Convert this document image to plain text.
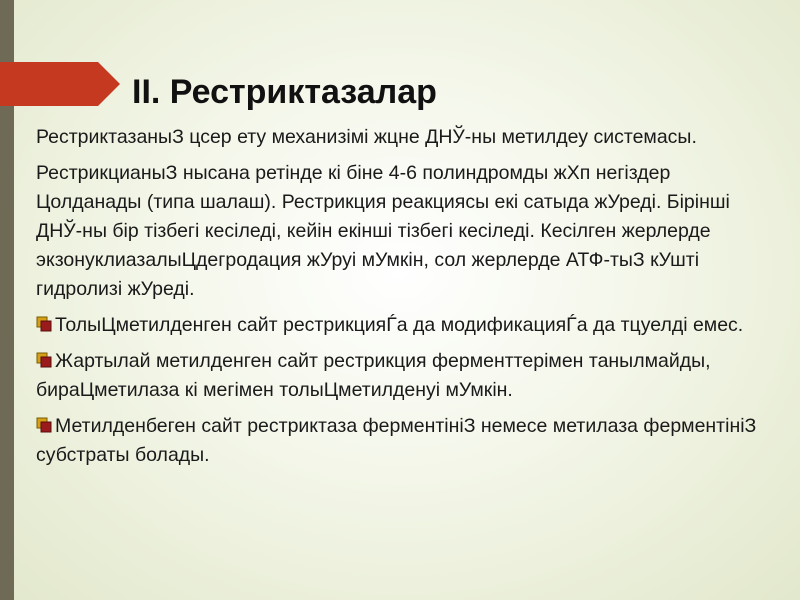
II. Рестриктазалар

РестриктазаныЗ цсер ету механизімі жцне ДНЎ-ны метилдеу системасы.

РестрикцианыЗ нысана ретінде кі біне 4-6 полиндромды жХп негіздер Цолданады (типа шалаш). Рестрикция реакциясы екі сатыда жУреді. Бірінші ДНЎ-ны бір тізбегі кесіледі, кейін екінші тізбегі кесіледі. Кесілген жерлерде экзонуклиазалыЦдегродация жУруі мУмкін, сол жерлерде АТФ-тыЗ кУшті гидролизі жУреді.

ТолыЦметилденген сайт рестрикцияЃа да модификацияЃа да тцуелді емес.

Жартылай метилденген сайт рестрикция ферменттерімен танылмайды, бираЦметилаза кі мегімен толыЦметилденуі мУмкін.

Метилденбеген сайт рестриктаза ферментініЗ немесе метилаза ферментініЗ субстраты болады.
